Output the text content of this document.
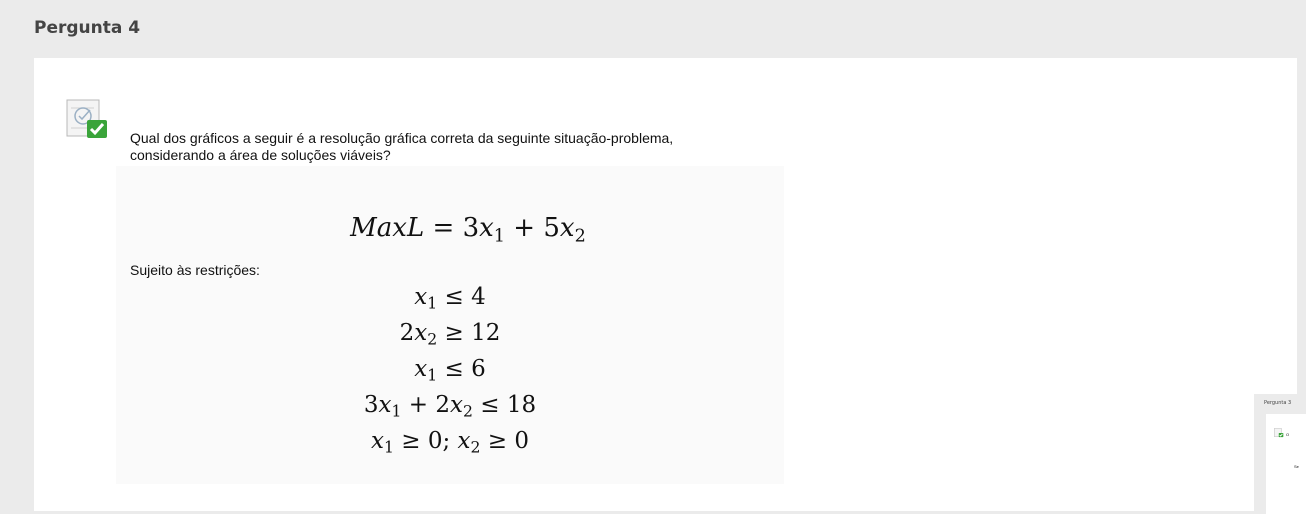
Pergunta 4
Qual dos gráficos a seguir é a resolução gráfica correta da seguinte situação-problema,
considerando a área de soluções viáveis?
MaxL = $3x_1 + 5x_2$
Sujeito às restrições:
$x_1 \le 4$
$2x_2 \ge 12$
$x_1 \le 6$
$3x_1 + 2x_2 \le 18$
$x_1 \ge 0$; $x_2 \ge 0$
Pergunta 3
O
Se
